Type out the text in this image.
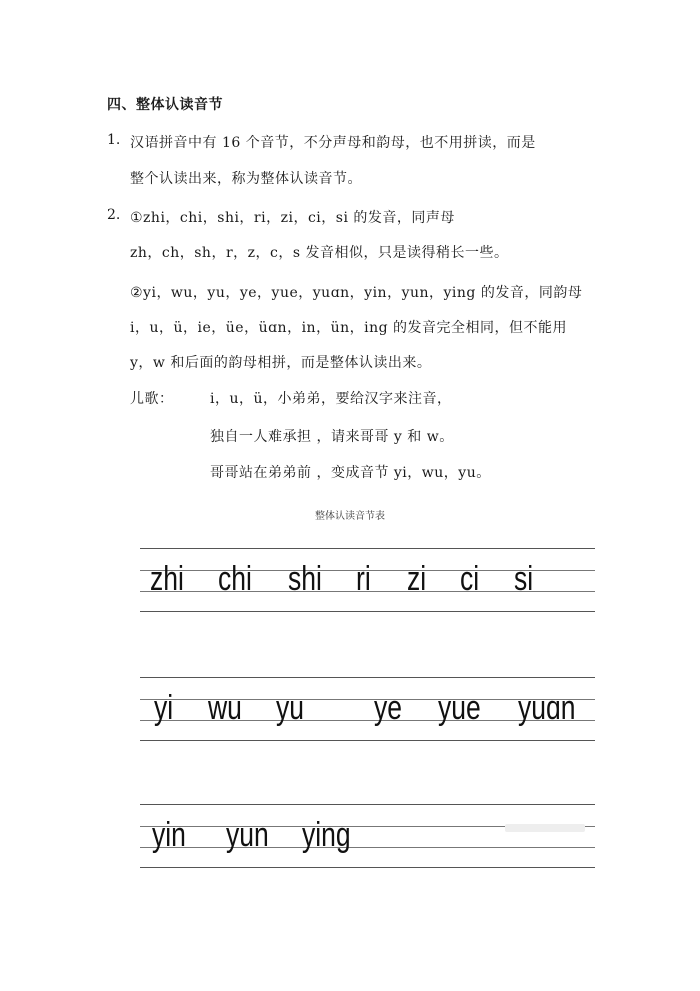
四、整体认读音节
1. 汉语拼音中有 16 个音节，不分声母和韵母，也不用拼读，而是
整个认读出来，称为整体认读音节。
2. ①zhi，chi，shi，ri，zi，ci，si 的发音，同声母
zh，ch，sh，r，z，c，s 发音相似，只是读得稍长一些。
②yi，wu，yu，ye，yue，yuɑn，yin，yun，ying 的发音，同韵母
i，u，ü，ie，üe，üɑn，in，ün，ing 的发音完全相同，但不能用
y，w 和后面的韵母相拼，而是整体认读出来。
儿歌：	i，u，ü，小弟弟，要给汉字来注音，
独自一人难承担 ，请来哥哥 y 和 w。
哥哥站在弟弟前 ，变成音节 yi，wu，yu。
整体认读音节表
zhi chi shi ri zi ci si
yi wu yu ye yue yuɑn
yin yun ying
